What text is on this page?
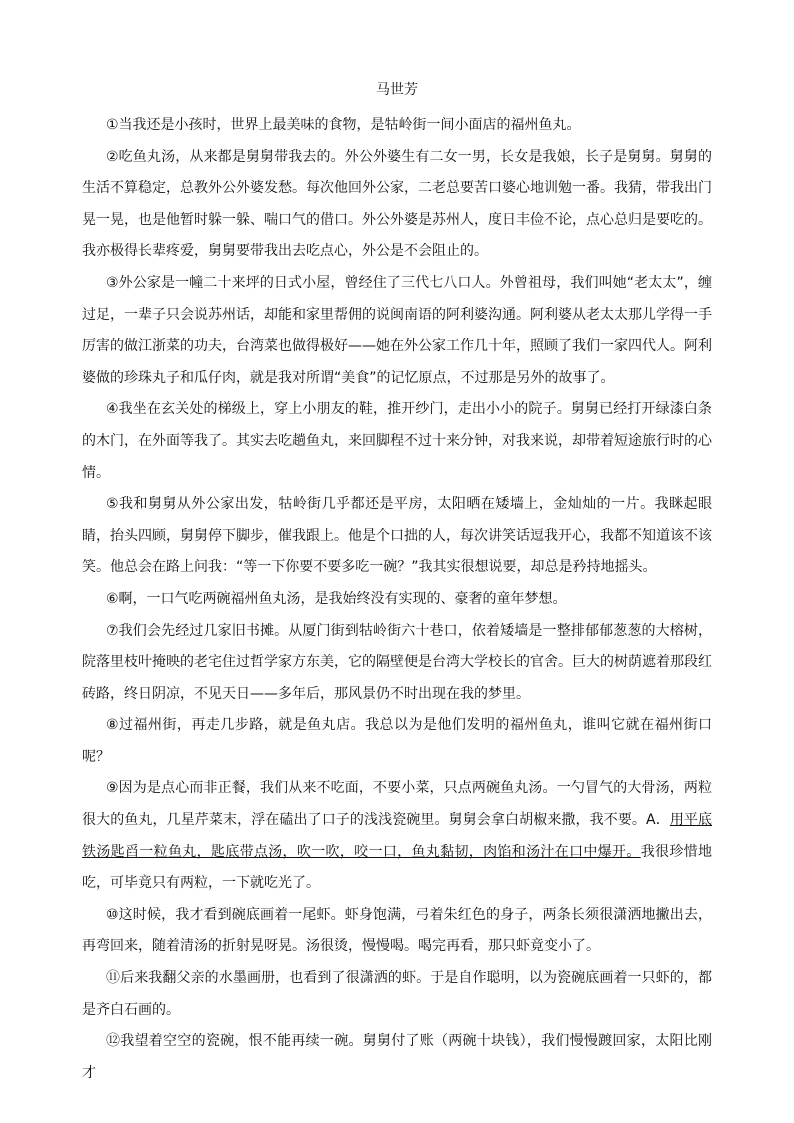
马世芳

①当我还是小孩时，世界上最美味的食物，是牯岭街一间小面店的福州鱼丸。

②吃鱼丸汤，从来都是舅舅带我去的。外公外婆生有二女一男，长女是我娘，长子是舅舅。舅舅的生活不算稳定，总教外公外婆发愁。每次他回外公家，二老总要苦口婆心地训勉一番。我猜，带我出门晃一晃，也是他暂时躲一躲、喘口气的借口。外公外婆是苏州人，度日丰俭不论，点心总归是要吃的。我亦极得长辈疼爱，舅舅要带我出去吃点心，外公是不会阻止的。

③外公家是一幢二十来坪的日式小屋，曾经住了三代七八口人。外曾祖母，我们叫她“老太太”，缠过足，一辈子只会说苏州话，却能和家里帮佣的说闽南语的阿利婆沟通。阿利婆从老太太那儿学得一手厉害的做江浙菜的功夫，台湾菜也做得极好——她在外公家工作几十年，照顾了我们一家四代人。阿利婆做的珍珠丸子和瓜仔肉，就是我对所谓“美食”的记忆原点，不过那是另外的故事了。

④我坐在玄关处的梯级上，穿上小朋友的鞋，推开纱门，走出小小的院子。舅舅已经打开绿漆白条的木门，在外面等我了。其实去吃趟鱼丸，来回脚程不过十来分钟，对我来说，却带着短途旅行时的心情。

⑤我和舅舅从外公家出发，牯岭街几乎都还是平房，太阳晒在矮墙上，金灿灿的一片。我眯起眼睛，抬头四顾，舅舅停下脚步，催我跟上。他是个口拙的人，每次讲笑话逗我开心，我都不知道该不该笑。他总会在路上问我：“等一下你要不要多吃一碗？”我其实很想说要，却总是矜持地摇头。

⑥啊，一口气吃两碗福州鱼丸汤，是我始终没有实现的、豪奢的童年梦想。

⑦我们会先经过几家旧书摊。从厦门街到牯岭街六十巷口，依着矮墙是一整排郁郁葱葱的大榕树，院落里枝叶掩映的老宅住过哲学家方东美，它的隔壁便是台湾大学校长的官舍。巨大的树荫遮着那段红砖路，终日阴凉，不见天日——多年后，那风景仍不时出现在我的梦里。

⑧过福州街，再走几步路，就是鱼丸店。我总以为是他们发明的福州鱼丸，谁叫它就在福州街口呢？

⑨因为是点心而非正餐，我们从来不吃面，不要小菜，只点两碗鱼丸汤。一勺冒气的大骨汤，两粒很大的鱼丸，几星芹菜末，浮在磕出了口子的浅浅瓷碗里。舅舅会拿白胡椒来撒，我不要。A．用平底铁汤匙舀一粒鱼丸，匙底带点汤，吹一吹，咬一口，鱼丸黏韧，肉馅和汤汁在口中爆开。我很珍惜地吃，可毕竟只有两粒，一下就吃光了。

⑩这时候，我才看到碗底画着一尾虾。虾身饱满，弓着朱红色的身子，两条长须很潇洒地撇出去，再弯回来，随着清汤的折射晃呀晃。汤很烫，慢慢喝。喝完再看，那只虾竟变小了。

⑪后来我翻父亲的水墨画册，也看到了很潇洒的虾。于是自作聪明，以为瓷碗底画着一只虾的，都是齐白石画的。

⑫我望着空空的瓷碗，恨不能再续一碗。舅舅付了账（两碗十块钱），我们慢慢踱回家，太阳比刚才
